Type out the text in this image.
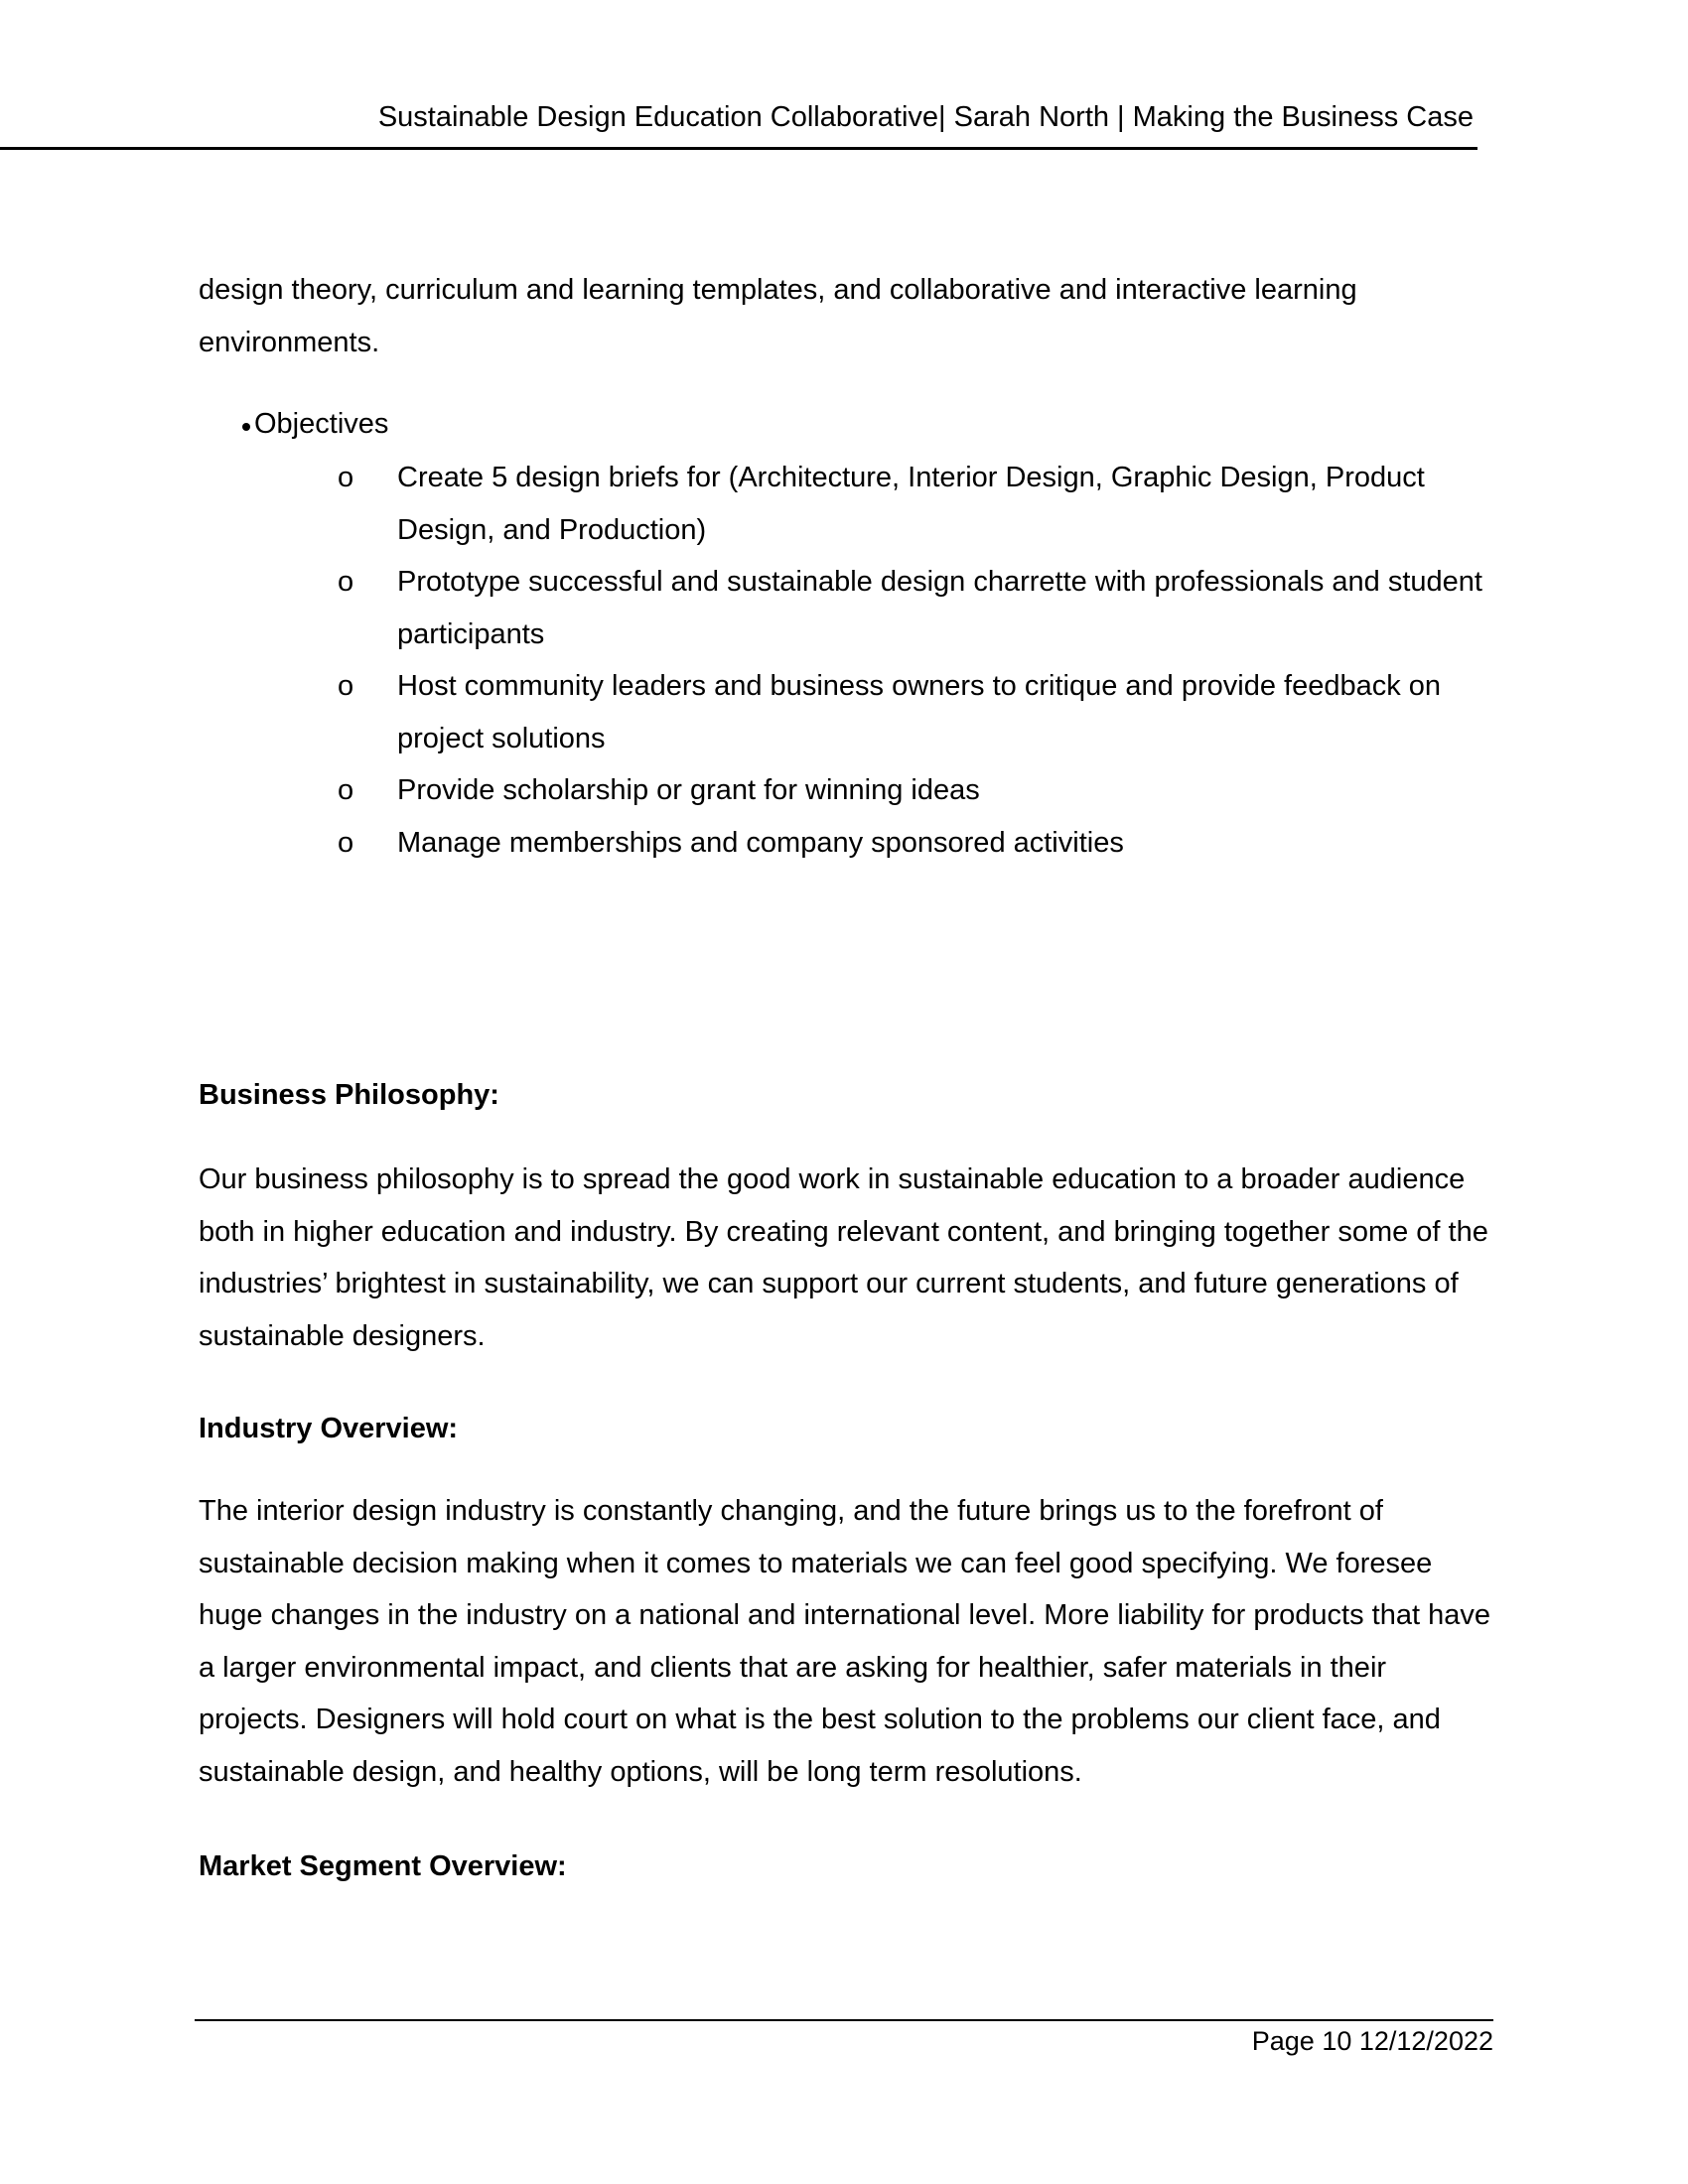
Sustainable Design Education Collaborative| Sarah North | Making the Business Case

design theory, curriculum and learning templates, and collaborative and interactive learning environments.

Objectives
o	Create 5 design briefs for (Architecture, Interior Design, Graphic Design, Product Design, and Production)
o	Prototype successful and sustainable design charrette with professionals and student participants
o	Host community leaders and business owners to critique and provide feedback on project solutions
o	Provide scholarship or grant for winning ideas
o	Manage memberships and company sponsored activities
Business Philosophy:

Our business philosophy is to spread the good work in sustainable education to a broader audience both in higher education and industry. By creating relevant content, and bringing together some of the industries’ brightest in sustainability, we can support our current students, and future generations of sustainable designers.

Industry Overview:

The interior design industry is constantly changing, and the future brings us to the forefront of sustainable decision making when it comes to materials we can feel good specifying. We foresee huge changes in the industry on a national and international level. More liability for products that have a larger environmental impact, and clients that are asking for healthier, safer materials in their projects. Designers will hold court on what is the best solution to the problems our client face, and sustainable design, and healthy options, will be long term resolutions.

Market Segment Overview:
Page 10 12/12/2022
